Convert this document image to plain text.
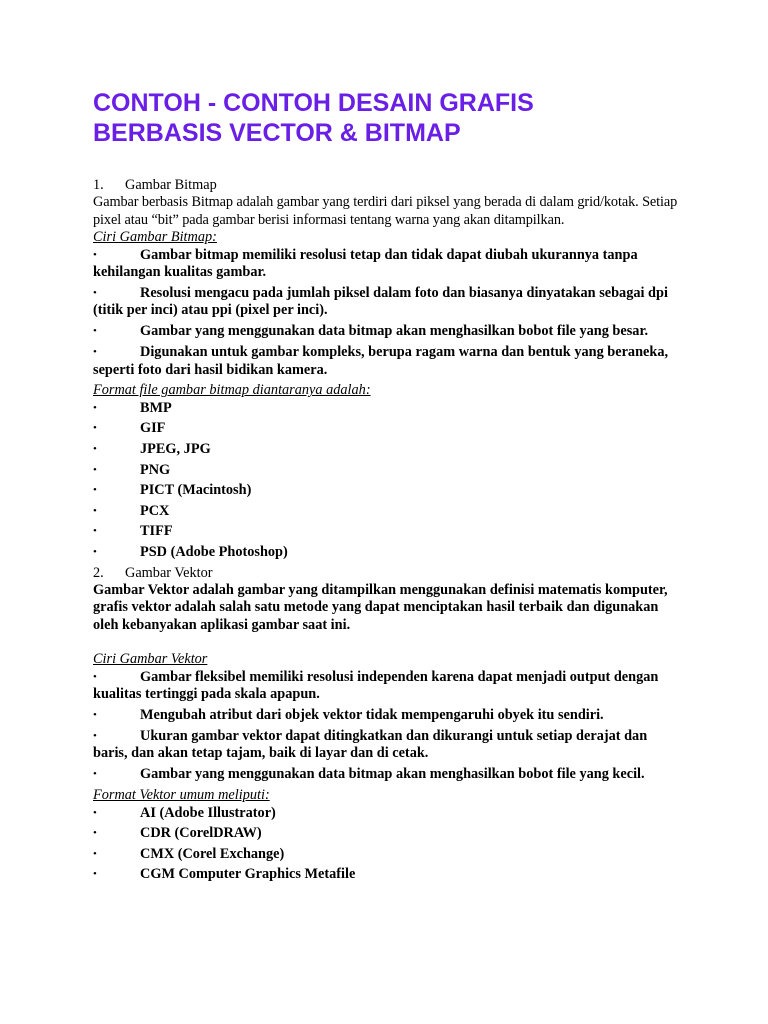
CONTOH - CONTOH DESAIN GRAFIS
BERBASIS VECTOR & BITMAP
1.	Gambar Bitmap

Gambar berbasis Bitmap adalah gambar yang terdiri dari piksel yang berada di dalam grid/kotak. Setiap pixel atau “bit” pada gambar berisi informasi tentang warna yang akan ditampilkan.

Ciri Gambar Bitmap:

•	Gambar bitmap memiliki resolusi tetap dan tidak dapat diubah ukurannya tanpa kehilangan kualitas gambar.
•	Resolusi mengacu pada jumlah piksel dalam foto dan biasanya dinyatakan sebagai dpi (titik per inci) atau ppi (pixel per inci).
•	Gambar yang menggunakan data bitmap akan menghasilkan bobot file yang besar.
•	Digunakan untuk gambar kompleks, berupa ragam warna dan bentuk yang beraneka, seperti foto dari hasil bidikan kamera.

Format file gambar bitmap diantaranya adalah:

•	BMP
•	GIF
•	JPEG, JPG
•	PNG
•	PICT (Macintosh)
•	PCX
•	TIFF
•	PSD (Adobe Photoshop)
2.	Gambar Vektor

Gambar Vektor adalah gambar yang ditampilkan menggunakan definisi matematis komputer, grafis vektor adalah salah satu metode yang dapat menciptakan hasil terbaik dan digunakan oleh kebanyakan aplikasi gambar saat ini.

Ciri Gambar Vektor

•	Gambar fleksibel memiliki resolusi independen karena dapat menjadi output dengan kualitas tertinggi pada skala apapun.
•	Mengubah atribut dari objek vektor tidak mempengaruhi obyek itu sendiri.
•	Ukuran gambar vektor dapat ditingkatkan dan dikurangi untuk setiap derajat dan baris, dan akan tetap tajam, baik di layar dan di cetak.
•	Gambar yang menggunakan data bitmap akan menghasilkan bobot file yang kecil.

Format Vektor umum meliputi:

•	AI (Adobe Illustrator)
•	CDR (CorelDRAW)
•	CMX (Corel Exchange)
•	CGM Computer Graphics Metafile
